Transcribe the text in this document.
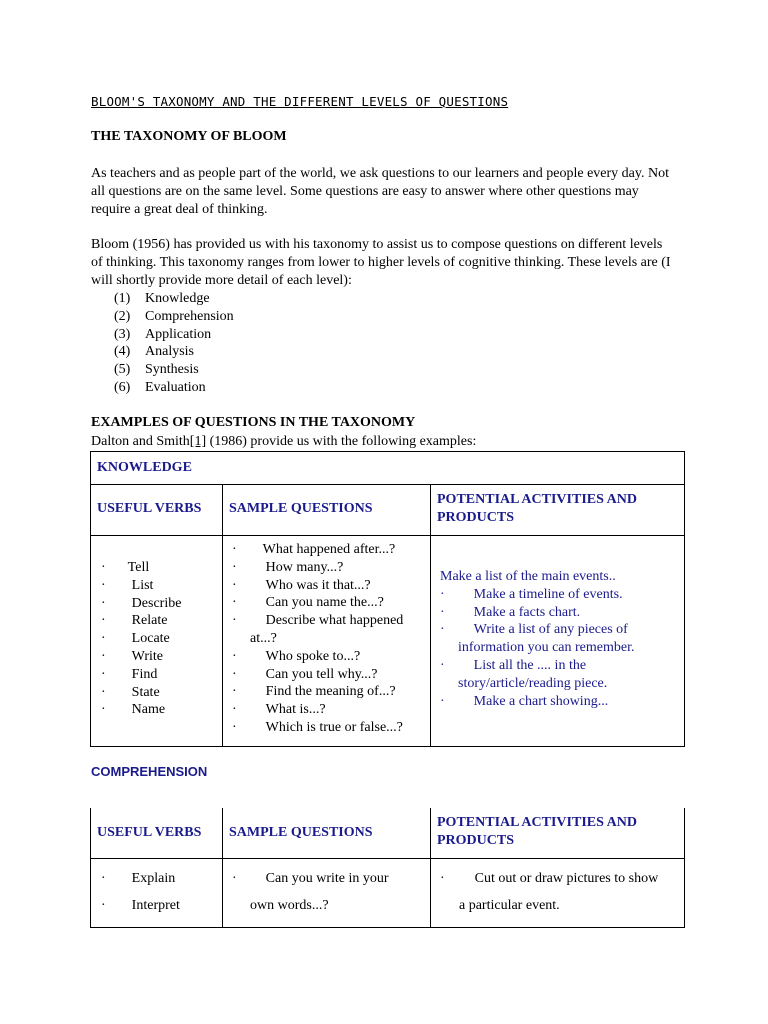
BLOOM'S TAXONOMY AND THE DIFFERENT LEVELS OF QUESTIONS
THE TAXONOMY OF BLOOM
As teachers and as people part of the world, we ask questions to our learners and people every day. Not all questions are on the same level. Some questions are easy to answer where other questions may require a great deal of thinking.
Bloom (1956) has provided us with his taxonomy to assist us to compose questions on different levels of thinking. This taxonomy ranges from lower to higher levels of cognitive thinking. These levels are (I will shortly provide more detail of each level):
(1) Knowledge
(2) Comprehension
(3) Application
(4) Analysis
(5) Synthesis
(6) Evaluation
EXAMPLES OF QUESTIONS IN THE TAXONOMY
Dalton and Smith[1] (1986) provide us with the following examples:
KNOWLEDGE
USEFUL VERBS SAMPLE QUESTIONS
POTENTIAL ACTIVITIES AND PRODUCTS
· Tell
· List
· Describe
· Relate
· Locate
· Write
· Find
· State
· Name
· What happened after...?
· How many...?
· Who was it that...?
· Can you name the...?
· Describe what happened
at...?
· Who spoke to...?
· Can you tell why...?
· Find the meaning of...?
· What is...?
· Which is true or false...?
Make a list of the main events..
· Make a timeline of events.
· Make a facts chart.
· Write a list of any pieces of
information you can remember.
· List all the .... in the
story/article/reading piece.
· Make a chart showing...
COMPREHENSION
USEFUL VERBS SAMPLE QUESTIONS
POTENTIAL ACTIVITIES AND PRODUCTS
· Explain
· Interpret
· Can you write in your
own words...?
· Cut out or draw pictures to show
a particular event.
